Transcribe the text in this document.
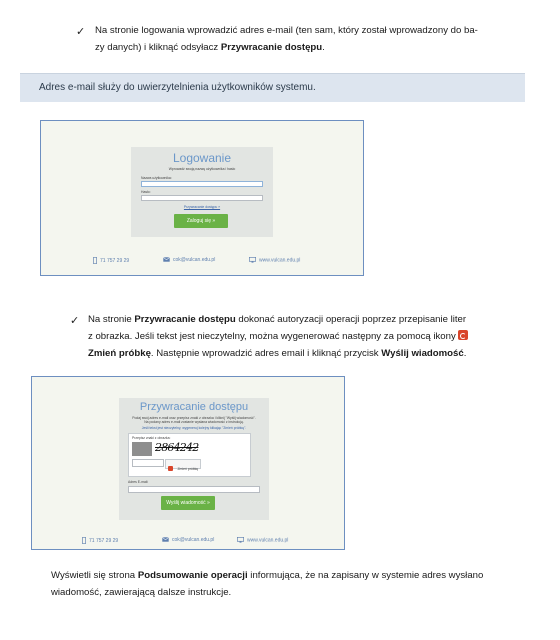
✓ Na stronie logowania wprowadzić adres e-mail (ten sam, który został wprowadzony do ba-
zy danych) i kliknąć odsyłacz Przywracanie dostępu.
Adres e-mail służy do uwierzytelnienia użytkowników systemu.
Logowanie
Wprowadź swoją nazwę użytkownika i hasło
Nazwa użytkownika:
Hasło:
Przywracanie dostępu »
Zaloguj się »
71 757 29 29	cok@vulcan.edu.pl	www.vulcan.edu.pl
✓ Na stronie Przywracanie dostępu dokonać autoryzacji operacji poprzez przepisanie liter
z obrazka. Jeśli tekst jest nieczytelny, można wygenerować następny za pomocą ikony
Zmień próbkę. Następnie wprowadzić adres email i kliknąć przycisk Wyślij wiadomość.
Przywracanie dostępu
Podaj swój adres e-mail oraz przepisz znaki z obrazka i kliknij "Wyślij wiadomość".
Na podany adres e-mail zostanie wysłana wiadomość z instrukcją.
Jeśli tekst jest nieczytelny, wygeneruj kolejny klikając "Zmień próbkę".
Przepisz znaki z obrazka:
2864242
Zmień próbkę
Adres E-mail:
Wyślij wiadomość »
71 757 29 29	cok@vulcan.edu.pl	www.vulcan.edu.pl
Wyświetli się strona Podsumowanie operacji informująca, że na zapisany w systemie adres wysłano
wiadomość, zawierającą dalsze instrukcje.
